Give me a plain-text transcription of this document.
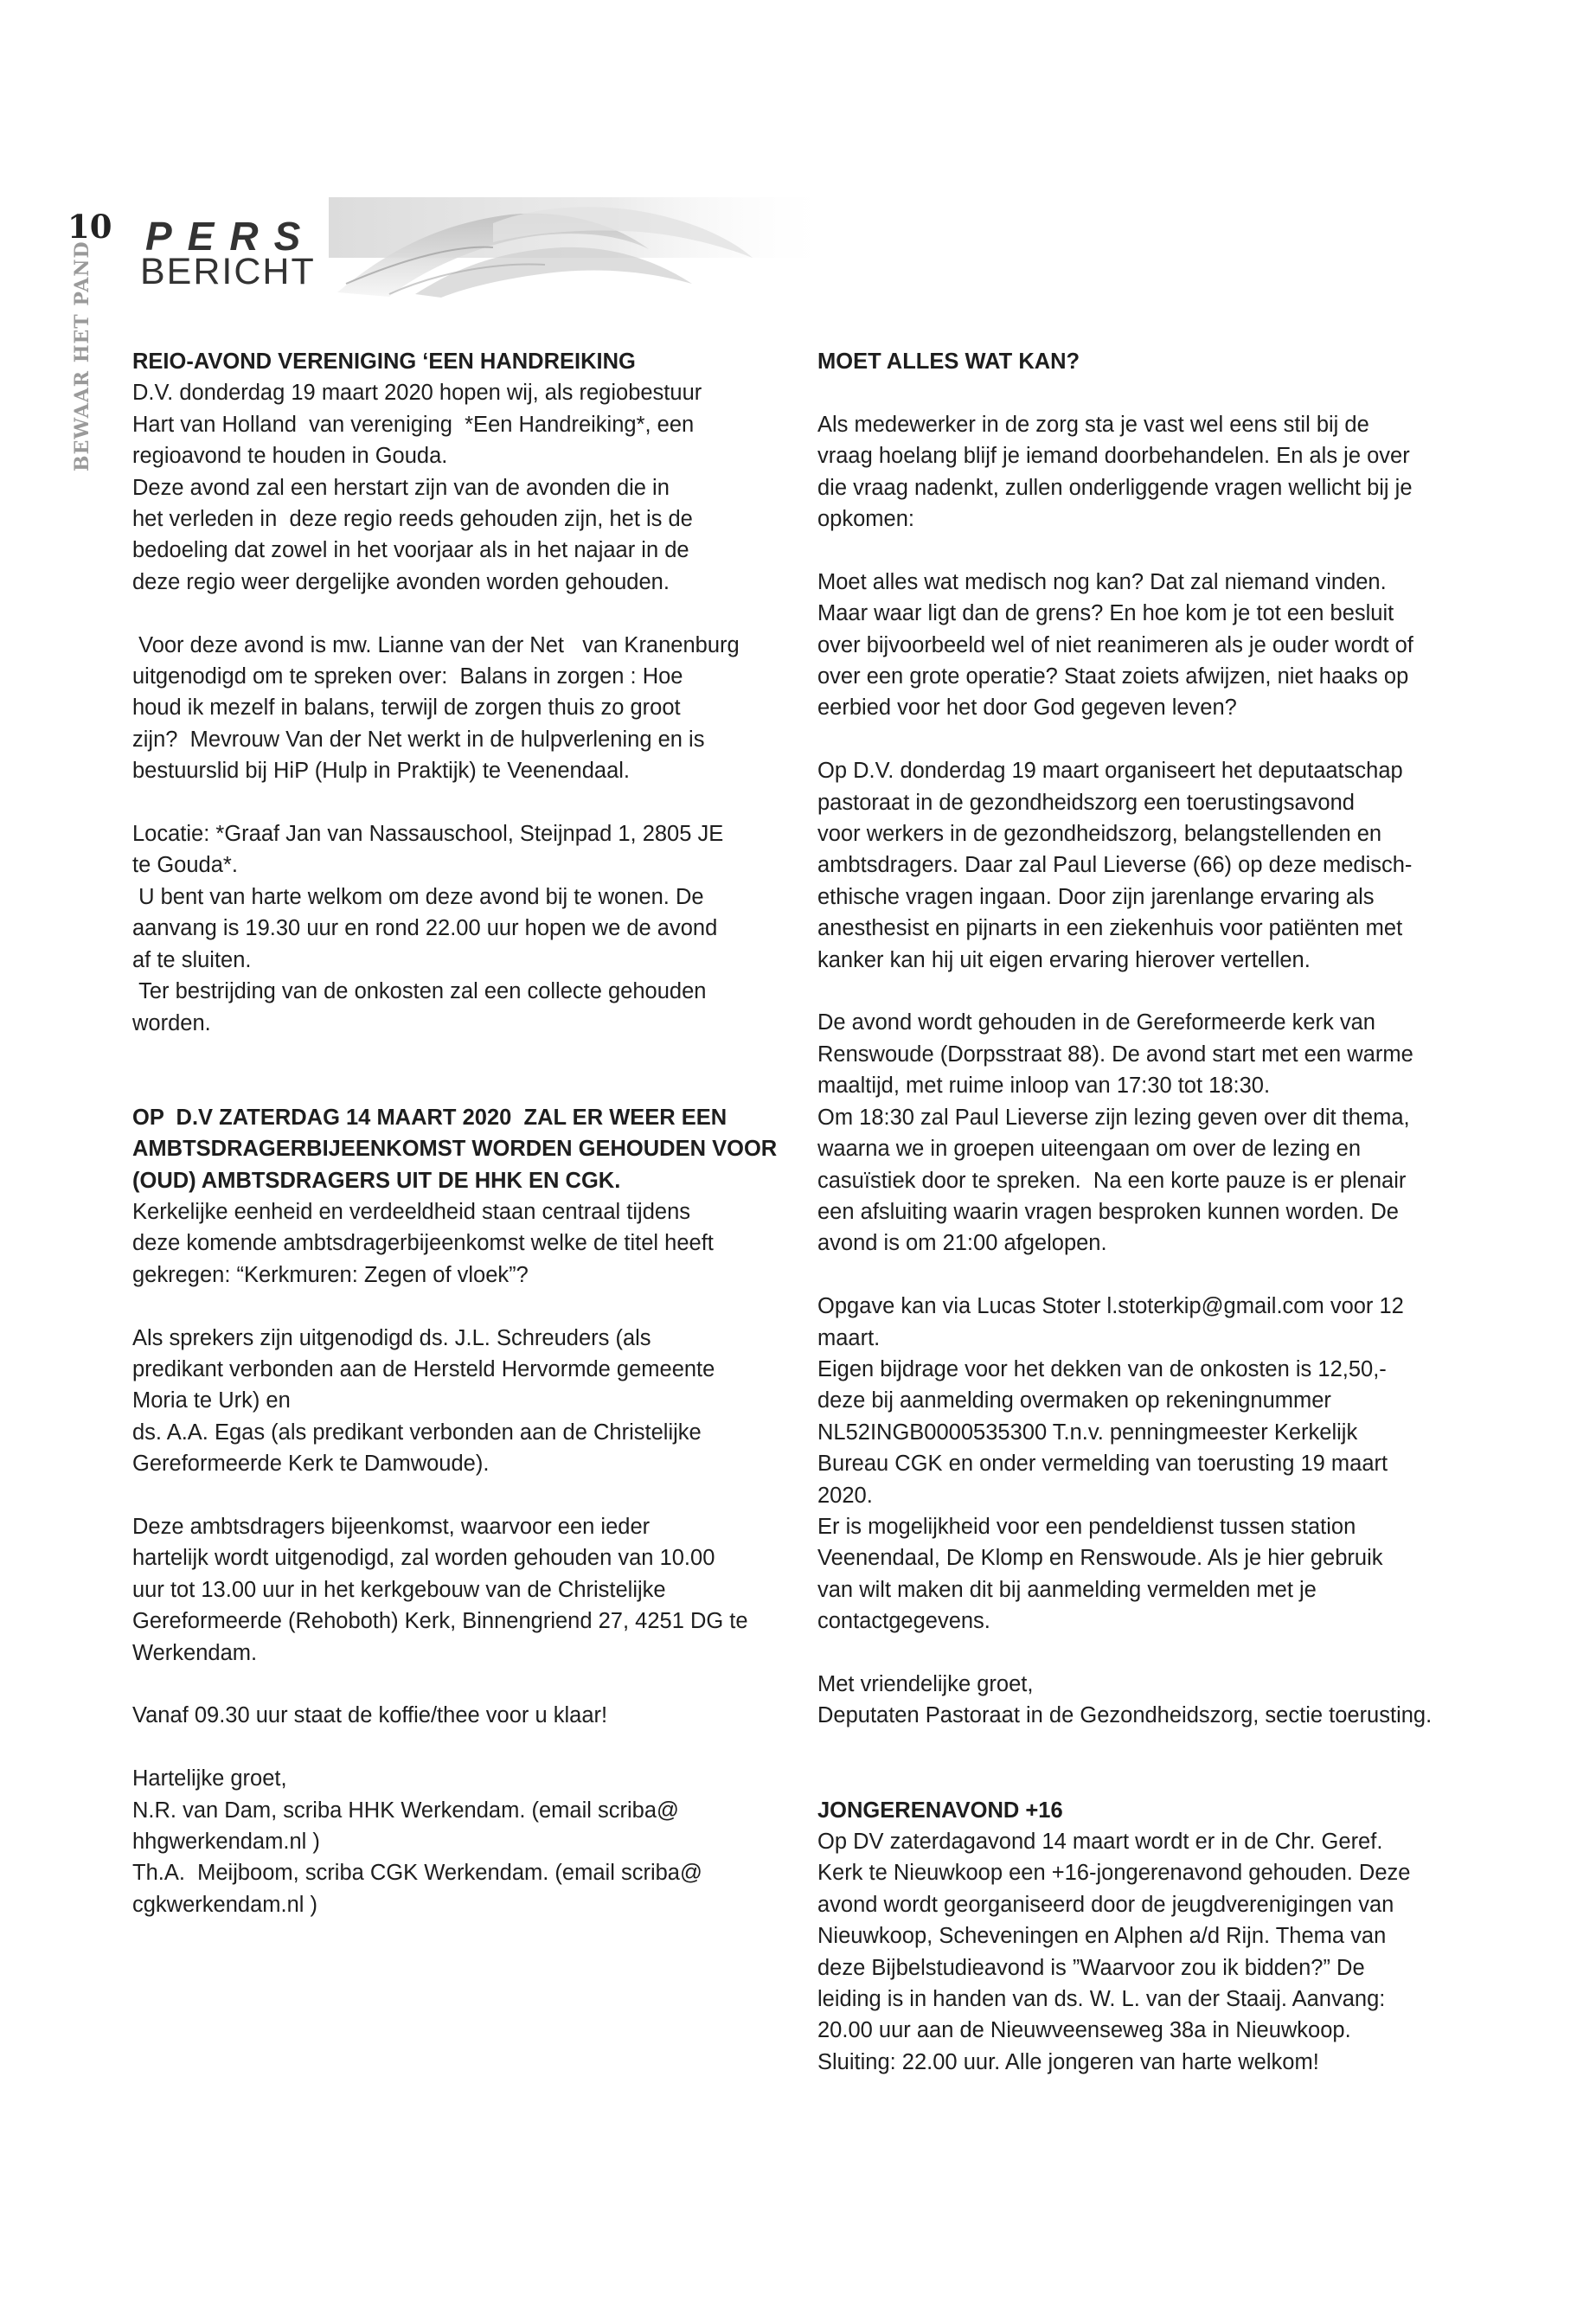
10
BEWAAR HET PAND
PERS
BERICHT
REIO-AVOND VERENIGING ‘EEN HANDREIKING
D.V. donderdag 19 maart 2020 hopen wij, als regiobestuur
Hart van Holland  van vereniging  *Een Handreiking*, een
regioavond te houden in Gouda.
Deze avond zal een herstart zijn van de avonden die in
het verleden in  deze regio reeds gehouden zijn, het is de
bedoeling dat zowel in het voorjaar als in het najaar in de
deze regio weer dergelijke avonden worden gehouden.
Voor deze avond is mw. Lianne van der Net   van Kranenburg
uitgenodigd om te spreken over:  Balans in zorgen : Hoe
houd ik mezelf in balans, terwijl de zorgen thuis zo groot
zijn?  Mevrouw Van der Net werkt in de hulpverlening en is
bestuurslid bij HiP (Hulp in Praktijk) te Veenendaal.
Locatie: *Graaf Jan van Nassauschool, Steijnpad 1, 2805 JE
te Gouda*.
U bent van harte welkom om deze avond bij te wonen. De
aanvang is 19.30 uur en rond 22.00 uur hopen we de avond
af te sluiten.
Ter bestrijding van de onkosten zal een collecte gehouden
worden.
OP  D.V ZATERDAG 14 MAART 2020  ZAL ER WEER EEN
AMBTSDRAGERBIJEENKOMST WORDEN GEHOUDEN VOOR
(OUD) AMBTSDRAGERS UIT DE HHK EN CGK.
Kerkelijke eenheid en verdeeldheid staan centraal tijdens
deze komende ambtsdragerbijeenkomst welke de titel heeft
gekregen: “Kerkmuren: Zegen of vloek”?
Als sprekers zijn uitgenodigd ds. J.L. Schreuders (als
predikant verbonden aan de Hersteld Hervormde gemeente
Moria te Urk) en
ds. A.A. Egas (als predikant verbonden aan de Christelijke
Gereformeerde Kerk te Damwoude).
Deze ambtsdragers bijeenkomst, waarvoor een ieder
hartelijk wordt uitgenodigd, zal worden gehouden van 10.00
uur tot 13.00 uur in het kerkgebouw van de Christelijke
Gereformeerde (Rehoboth) Kerk, Binnengriend 27, 4251 DG te
Werkendam.
Vanaf 09.30 uur staat de koffie/thee voor u klaar!
Hartelijke groet,
N.R. van Dam, scriba HHK Werkendam. (email scriba@
hhgwerkendam.nl )
Th.A.  Meijboom, scriba CGK Werkendam. (email scriba@
cgkwerkendam.nl )
MOET ALLES WAT KAN?
Als medewerker in de zorg sta je vast wel eens stil bij de
vraag hoelang blijf je iemand doorbehandelen. En als je over
die vraag nadenkt, zullen onderliggende vragen wellicht bij je
opkomen:
Moet alles wat medisch nog kan? Dat zal niemand vinden.
Maar waar ligt dan de grens? En hoe kom je tot een besluit
over bijvoorbeeld wel of niet reanimeren als je ouder wordt of
over een grote operatie? Staat zoiets afwijzen, niet haaks op
eerbied voor het door God gegeven leven?
Op D.V. donderdag 19 maart organiseert het deputaatschap
pastoraat in de gezondheidszorg een toerustingsavond
voor werkers in de gezondheidszorg, belangstellenden en
ambtsdragers. Daar zal Paul Lieverse (66) op deze medisch-
ethische vragen ingaan. Door zijn jarenlange ervaring als
anesthesist en pijnarts in een ziekenhuis voor patiënten met
kanker kan hij uit eigen ervaring hierover vertellen.
De avond wordt gehouden in de Gereformeerde kerk van
Renswoude (Dorpsstraat 88). De avond start met een warme
maaltijd, met ruime inloop van 17:30 tot 18:30.
Om 18:30 zal Paul Lieverse zijn lezing geven over dit thema,
waarna we in groepen uiteengaan om over de lezing en
casuïstiek door te spreken.  Na een korte pauze is er plenair
een afsluiting waarin vragen besproken kunnen worden. De
avond is om 21:00 afgelopen.
Opgave kan via Lucas Stoter l.stoterkip@gmail.com voor 12
maart.
Eigen bijdrage voor het dekken van de onkosten is 12,50,-
deze bij aanmelding overmaken op rekeningnummer
NL52INGB0000535300 T.n.v. penningmeester Kerkelijk
Bureau CGK en onder vermelding van toerusting 19 maart
2020.
Er is mogelijkheid voor een pendeldienst tussen station
Veenendaal, De Klomp en Renswoude. Als je hier gebruik
van wilt maken dit bij aanmelding vermelden met je
contactgegevens.
Met vriendelijke groet,
Deputaten Pastoraat in de Gezondheidszorg, sectie toerusting.
JONGERENAVOND +16
Op DV zaterdagavond 14 maart wordt er in de Chr. Geref.
Kerk te Nieuwkoop een +16-jongerenavond gehouden. Deze
avond wordt georganiseerd door de jeugdverenigingen van
Nieuwkoop, Scheveningen en Alphen a/d Rijn. Thema van
deze Bijbelstudieavond is ”Waarvoor zou ik bidden?” De
leiding is in handen van ds. W. L. van der Staaij. Aanvang:
20.00 uur aan de Nieuwveenseweg 38a in Nieuwkoop.
Sluiting: 22.00 uur. Alle jongeren van harte welkom!
